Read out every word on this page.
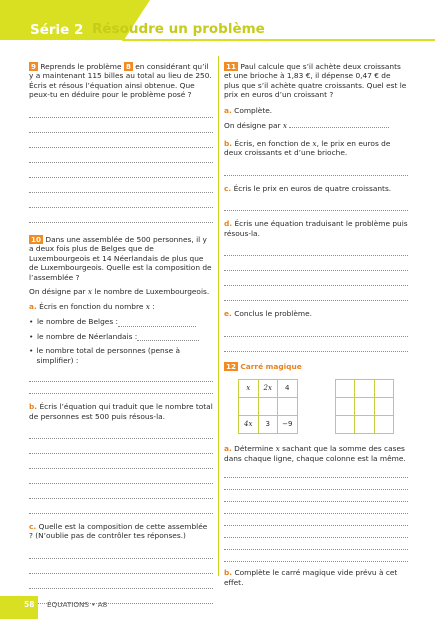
Série 2 Résoudre un problème
9 Reprends le problème 8 en considérant qu’il y a maintenant 115 billes au total au lieu de 250. Écris et résous l’équation ainsi obtenue. Que peux-tu en déduire pour le problème posé ?
10 Dans une assemblée de 500 personnes, il y a deux fois plus de Belges que de Luxembourgeois et 14 Néerlandais de plus que de Luxembourgeois. Quelle est la composition de l’assemblée ?
On désigne par x le nombre de Luxembourgeois.
a. Écris en fonction du nombre x :
• le nombre de Belges :
• le nombre de Néerlandais :
• le nombre total de personnes (pense à simplifier) :
b. Écris l’équation qui traduit que le nombre total de personnes est 500 puis résous-la.
c. Quelle est la composition de cette assemblée ? (N’oublie pas de contrôler tes réponses.)
11 Paul calcule que s’il achète deux croissants et une brioche à 1,83 €, il dépense 0,47 € de plus que s’il achète quatre croissants. Quel est le prix en euros d’un croissant ?
a. Complète.
On désigne par x
b. Écris, en fonction de x, le prix en euros de deux croissants et d’une brioche.
c. Écris le prix en euros de quatre croissants.
d. Écris une équation traduisant le problème puis résous-la.
e. Conclus le problème.
12 Carré magique
x	2x	4

4x	3	−9

a. Détermine x sachant que la somme des cases dans chaque ligne, chaque colonne est la même.
b. Complète le carré magique vide prévu à cet effet.
58 ÉQUATIONS • A8
